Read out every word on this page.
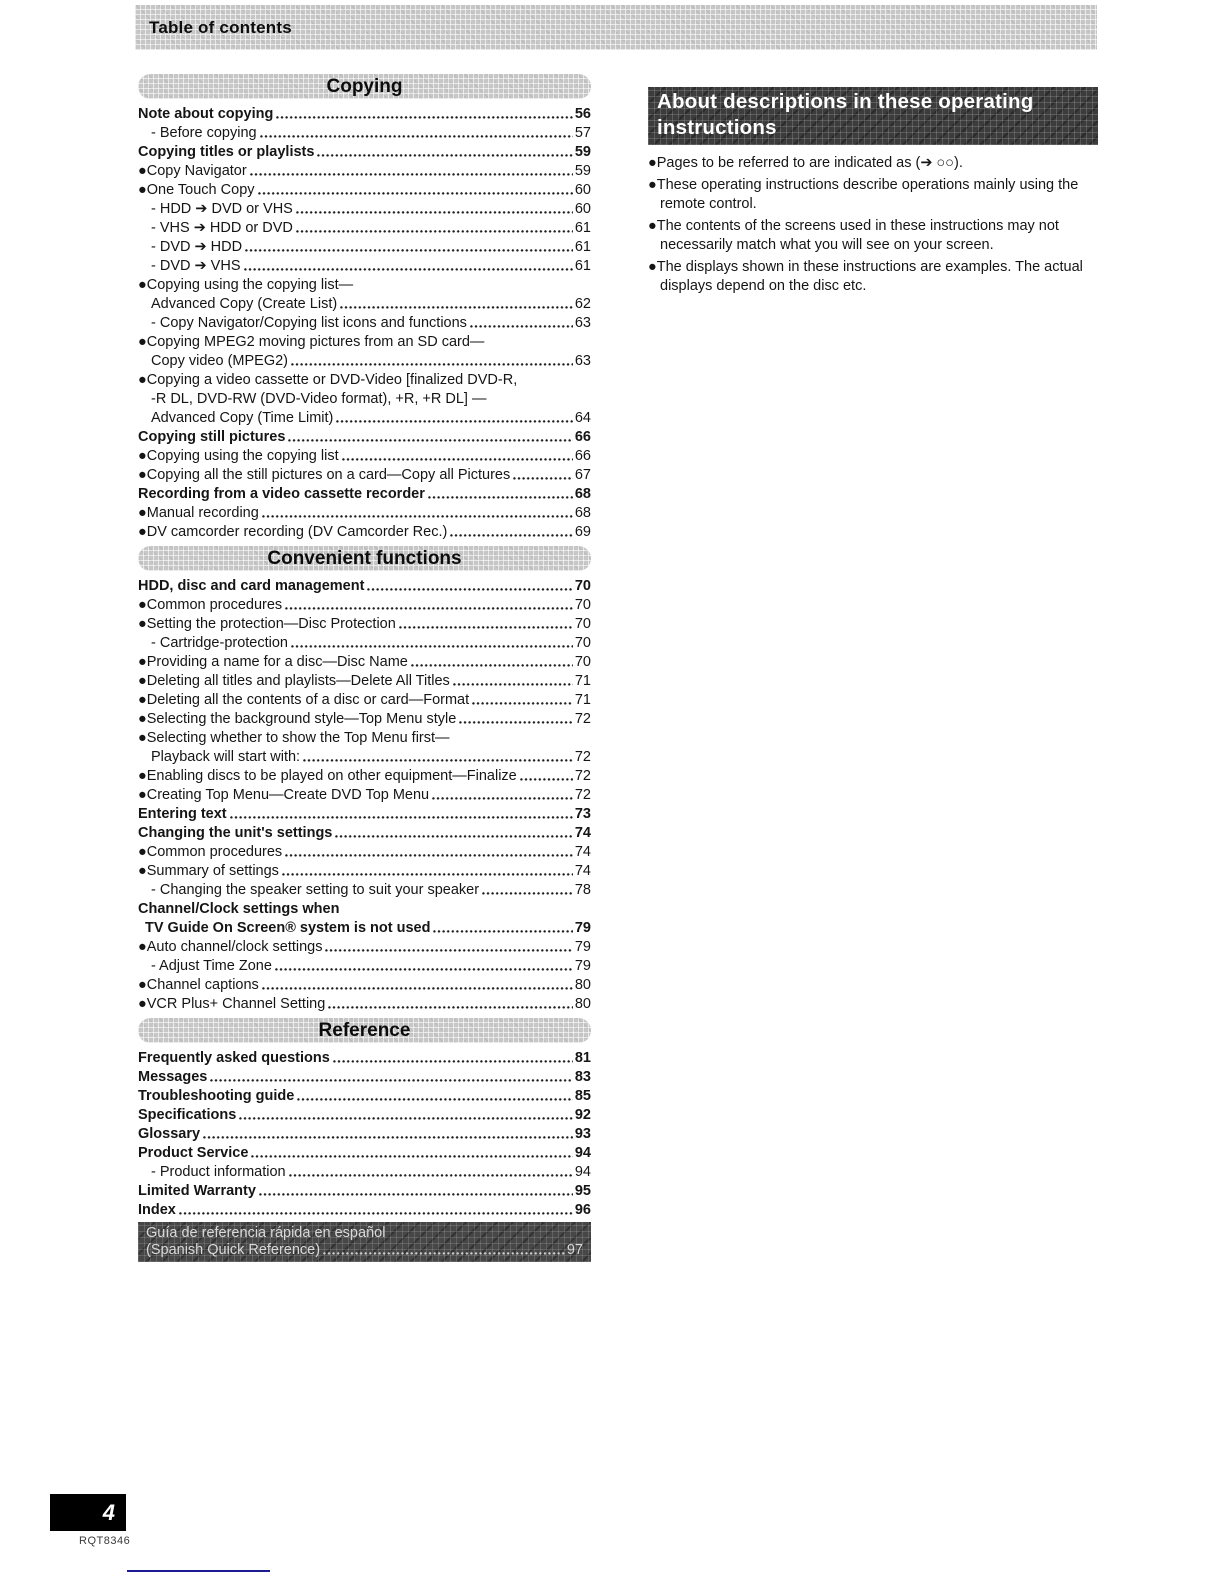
Table of contents
Copying
Note about copying	56
- Before copying	57
Copying titles or playlists	59
●Copy Navigator	59
●One Touch Copy	60
- HDD ➔ DVD or VHS	60
- VHS ➔ HDD or DVD	61
- DVD ➔ HDD	61
- DVD ➔ VHS	61
●Copying using the copying list—
Advanced Copy (Create List)	62
- Copy Navigator/Copying list icons and functions	63
●Copying MPEG2 moving pictures from an SD card—
Copy video (MPEG2)	63
●Copying a video cassette or DVD-Video [finalized DVD-R,
-R DL, DVD-RW (DVD-Video format), +R, +R DL] —
Advanced Copy (Time Limit)	64
Copying still pictures	66
●Copying using the copying list	66
●Copying all the still pictures on a card—Copy all Pictures	67
Recording from a video cassette recorder	68
●Manual recording	68
●DV camcorder recording (DV Camcorder Rec.)	69
Convenient functions
HDD, disc and card management	70
●Common procedures	70
●Setting the protection—Disc Protection	70
- Cartridge-protection	70
●Providing a name for a disc—Disc Name	70
●Deleting all titles and playlists—Delete All Titles	71
●Deleting all the contents of a disc or card—Format	71
●Selecting the background style—Top Menu style	72
●Selecting whether to show the Top Menu first—
Playback will start with:	72
●Enabling discs to be played on other equipment—Finalize	72
●Creating Top Menu—Create DVD Top Menu	72
Entering text	73
Changing the unit's settings	74
●Common procedures	74
●Summary of settings	74
- Changing the speaker setting to suit your speaker	78
Channel/Clock settings when
TV Guide On Screen® system is not used	79
●Auto channel/clock settings	79
- Adjust Time Zone	79
●Channel captions	80
●VCR Plus+ Channel Setting	80
Reference
Frequently asked questions	81
Messages	83
Troubleshooting guide	85
Specifications	92
Glossary	93
Product Service	94
- Product information	94
Limited Warranty	95
Index	96
Guía de referencia rápida en español
(Spanish Quick Reference)	97
About descriptions in these operating instructions
●Pages to be referred to are indicated as (➔ ○○).
●These operating instructions describe operations mainly using the remote control.
●The contents of the screens used in these instructions may not necessarily match what you will see on your screen.
●The displays shown in these instructions are examples. The actual displays depend on the disc etc.
4
RQT8346
